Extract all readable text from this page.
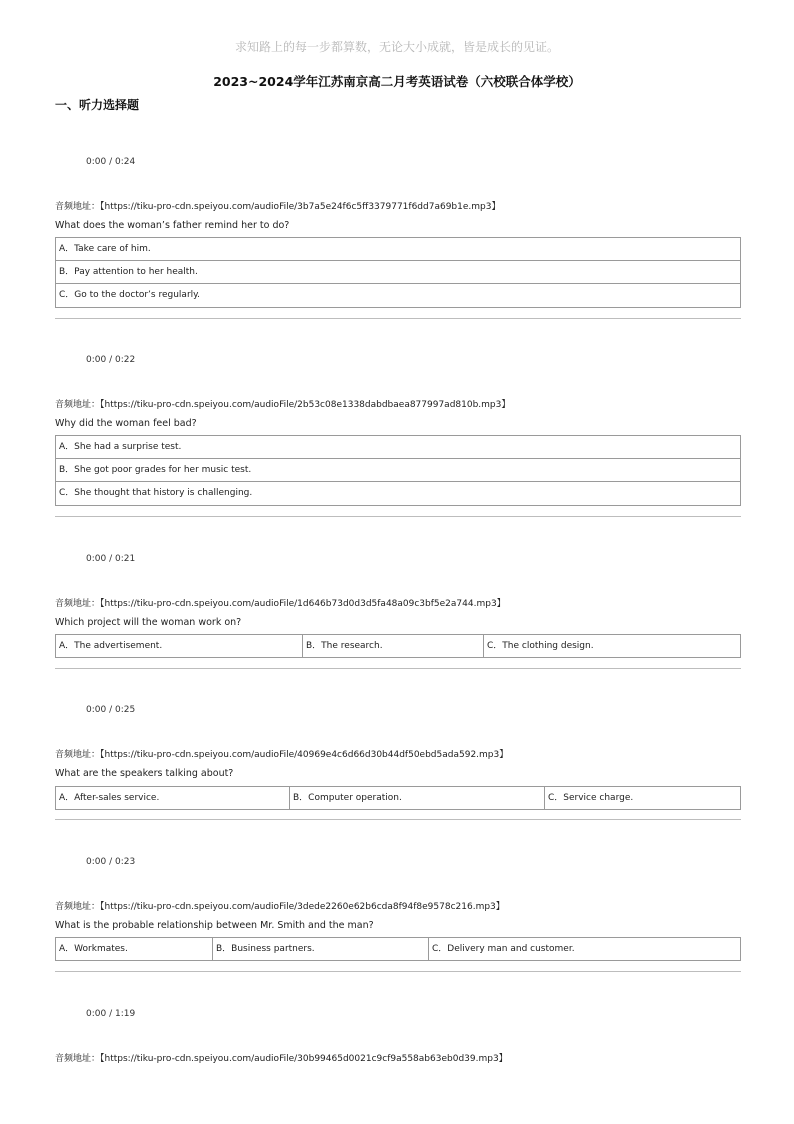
求知路上的每一步都算数，无论大小成就，皆是成长的见证。
2023~2024学年江苏南京高二月考英语试卷（六校联合体学校）
一、听力选择题
0:00 / 0:24
音频地址：【https://tiku-pro-cdn.speiyou.com/audioFile/3b7a5e24f6c5ff3379771f6dd7a69b1e.mp3】
What does the woman’s father remind her to do?
A．Take care of him.
B．Pay attention to her health.
C．Go to the doctor’s regularly.
0:00 / 0:22
音频地址：【https://tiku-pro-cdn.speiyou.com/audioFile/2b53c08e1338dabdbaea877997ad810b.mp3】
Why did the woman feel bad?
A．She had a surprise test.
B．She got poor grades for her music test.
C．She thought that history is challenging.
0:00 / 0:21
音频地址：【https://tiku-pro-cdn.speiyou.com/audioFile/1d646b73d0d3d5fa48a09c3bf5e2a744.mp3】
Which project will the woman work on?
A．The advertisement.	B．The research.	C．The clothing design.
0:00 / 0:25
音频地址：【https://tiku-pro-cdn.speiyou.com/audioFile/40969e4c6d66d30b44df50ebd5ada592.mp3】
What are the speakers talking about?
A．After-sales service.	B．Computer operation.	C．Service charge.
0:00 / 0:23
音频地址：【https://tiku-pro-cdn.speiyou.com/audioFile/3dede2260e62b6cda8f94f8e9578c216.mp3】
What is the probable relationship between Mr. Smith and the man?
A．Workmates.	B．Business partners.	C．Delivery man and customer.
0:00 / 1:19
音频地址：【https://tiku-pro-cdn.speiyou.com/audioFile/30b99465d0021c9cf9a558ab63eb0d39.mp3】
